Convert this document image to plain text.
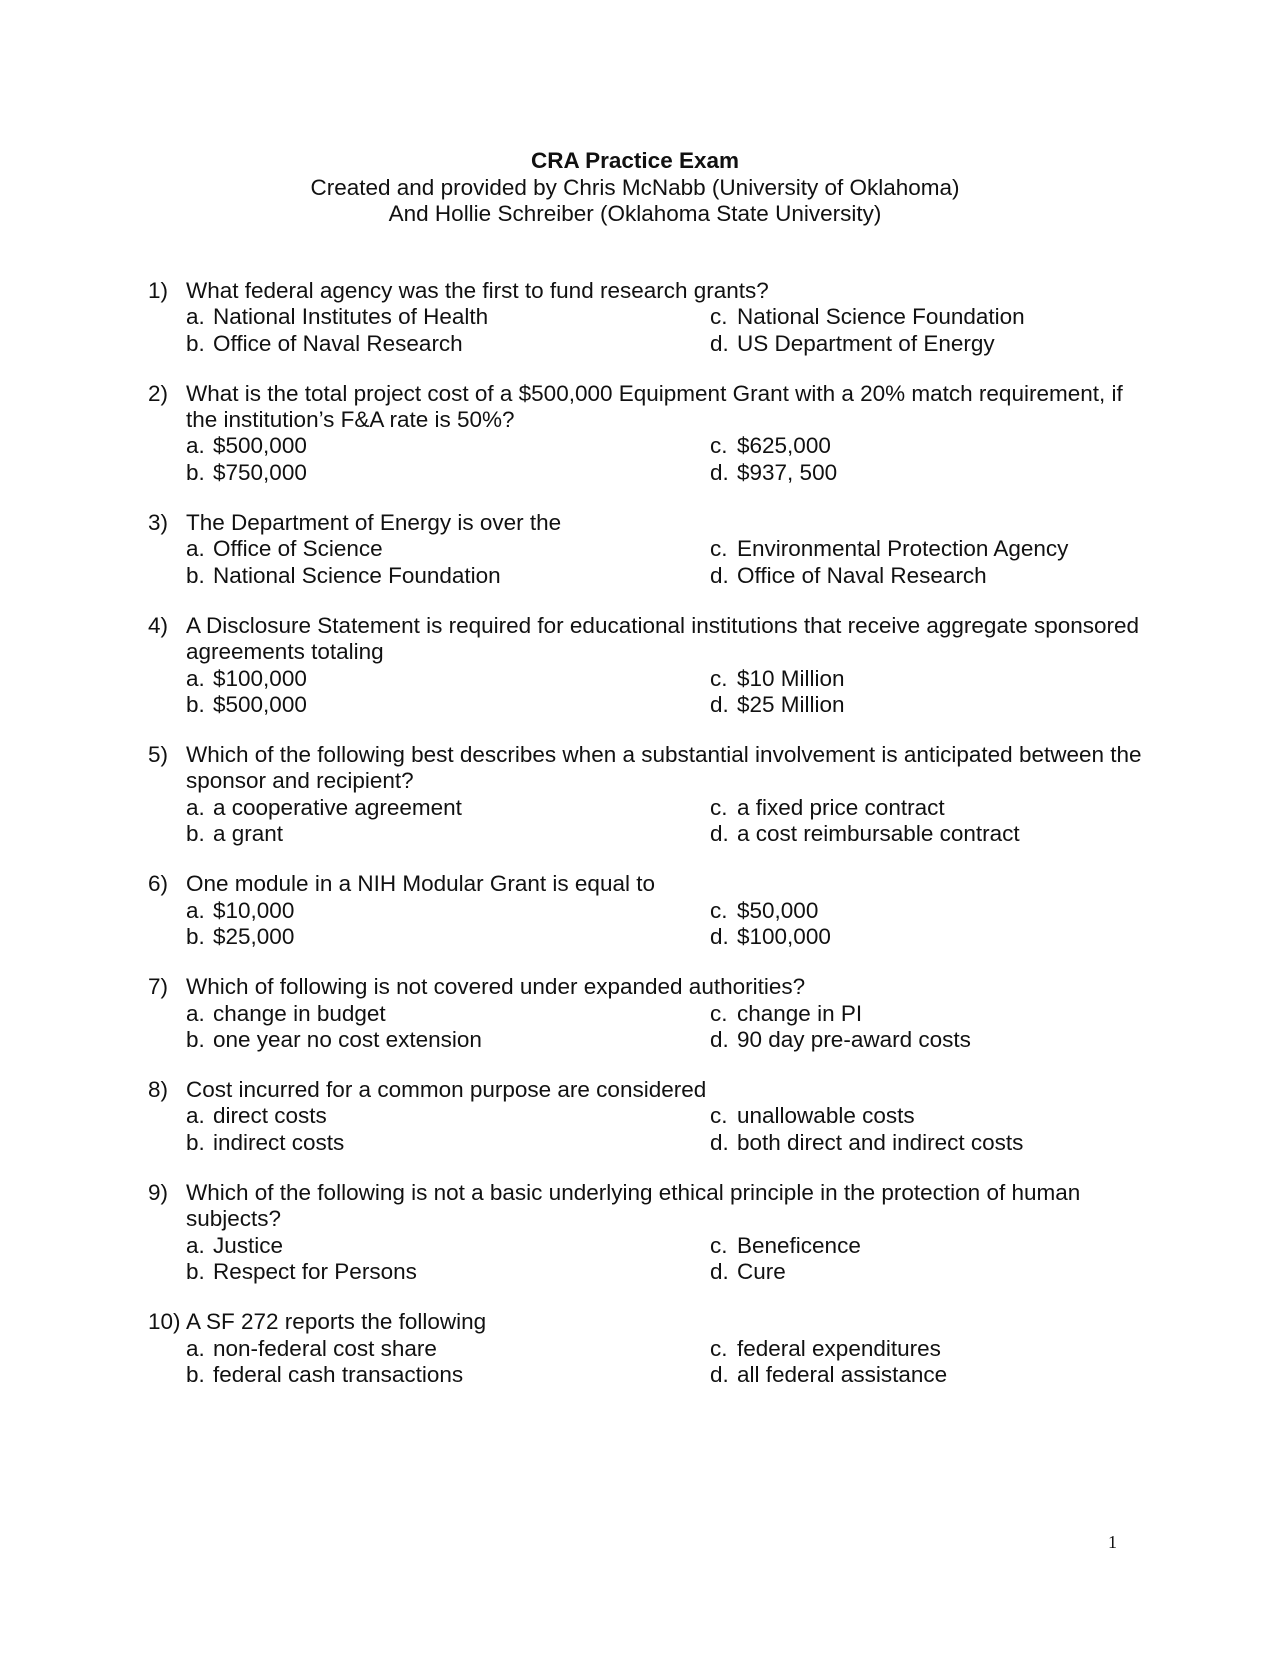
CRA Practice Exam
Created and provided by Chris McNabb (University of Oklahoma)
And Hollie Schreiber (Oklahoma State University)
1) What federal agency was the first to fund research grants?
a. National Institutes of Health	c. National Science Foundation
b. Office of Naval Research	d. US Department of Energy
2) What is the total project cost of a $500,000 Equipment Grant with a 20% match requirement, if the institution’s F&A rate is 50%?
a. $500,000	c. $625,000
b. $750,000	d. $937, 500
3) The Department of Energy is over the
a. Office of Science	c. Environmental Protection Agency
b. National Science Foundation	d. Office of Naval Research
4) A Disclosure Statement is required for educational institutions that receive aggregate sponsored agreements totaling
a. $100,000	c. $10 Million
b. $500,000	d. $25 Million
5) Which of the following best describes when a substantial involvement is anticipated between the sponsor and recipient?
a. a cooperative agreement	c. a fixed price contract
b. a grant	d. a cost reimbursable contract
6) One module in a NIH Modular Grant is equal to
a. $10,000	c. $50,000
b. $25,000	d. $100,000
7) Which of following is not covered under expanded authorities?
a. change in budget	c. change in PI
b. one year no cost extension	d. 90 day pre-award costs
8) Cost incurred for a common purpose are considered
a. direct costs	c. unallowable costs
b. indirect costs	d. both direct and indirect costs
9) Which of the following is not a basic underlying ethical principle in the protection of human subjects?
a. Justice	c. Beneficence
b. Respect for Persons	d. Cure
10) A SF 272 reports the following
a. non-federal cost share	c. federal expenditures
b. federal cash transactions	d. all federal assistance
1
